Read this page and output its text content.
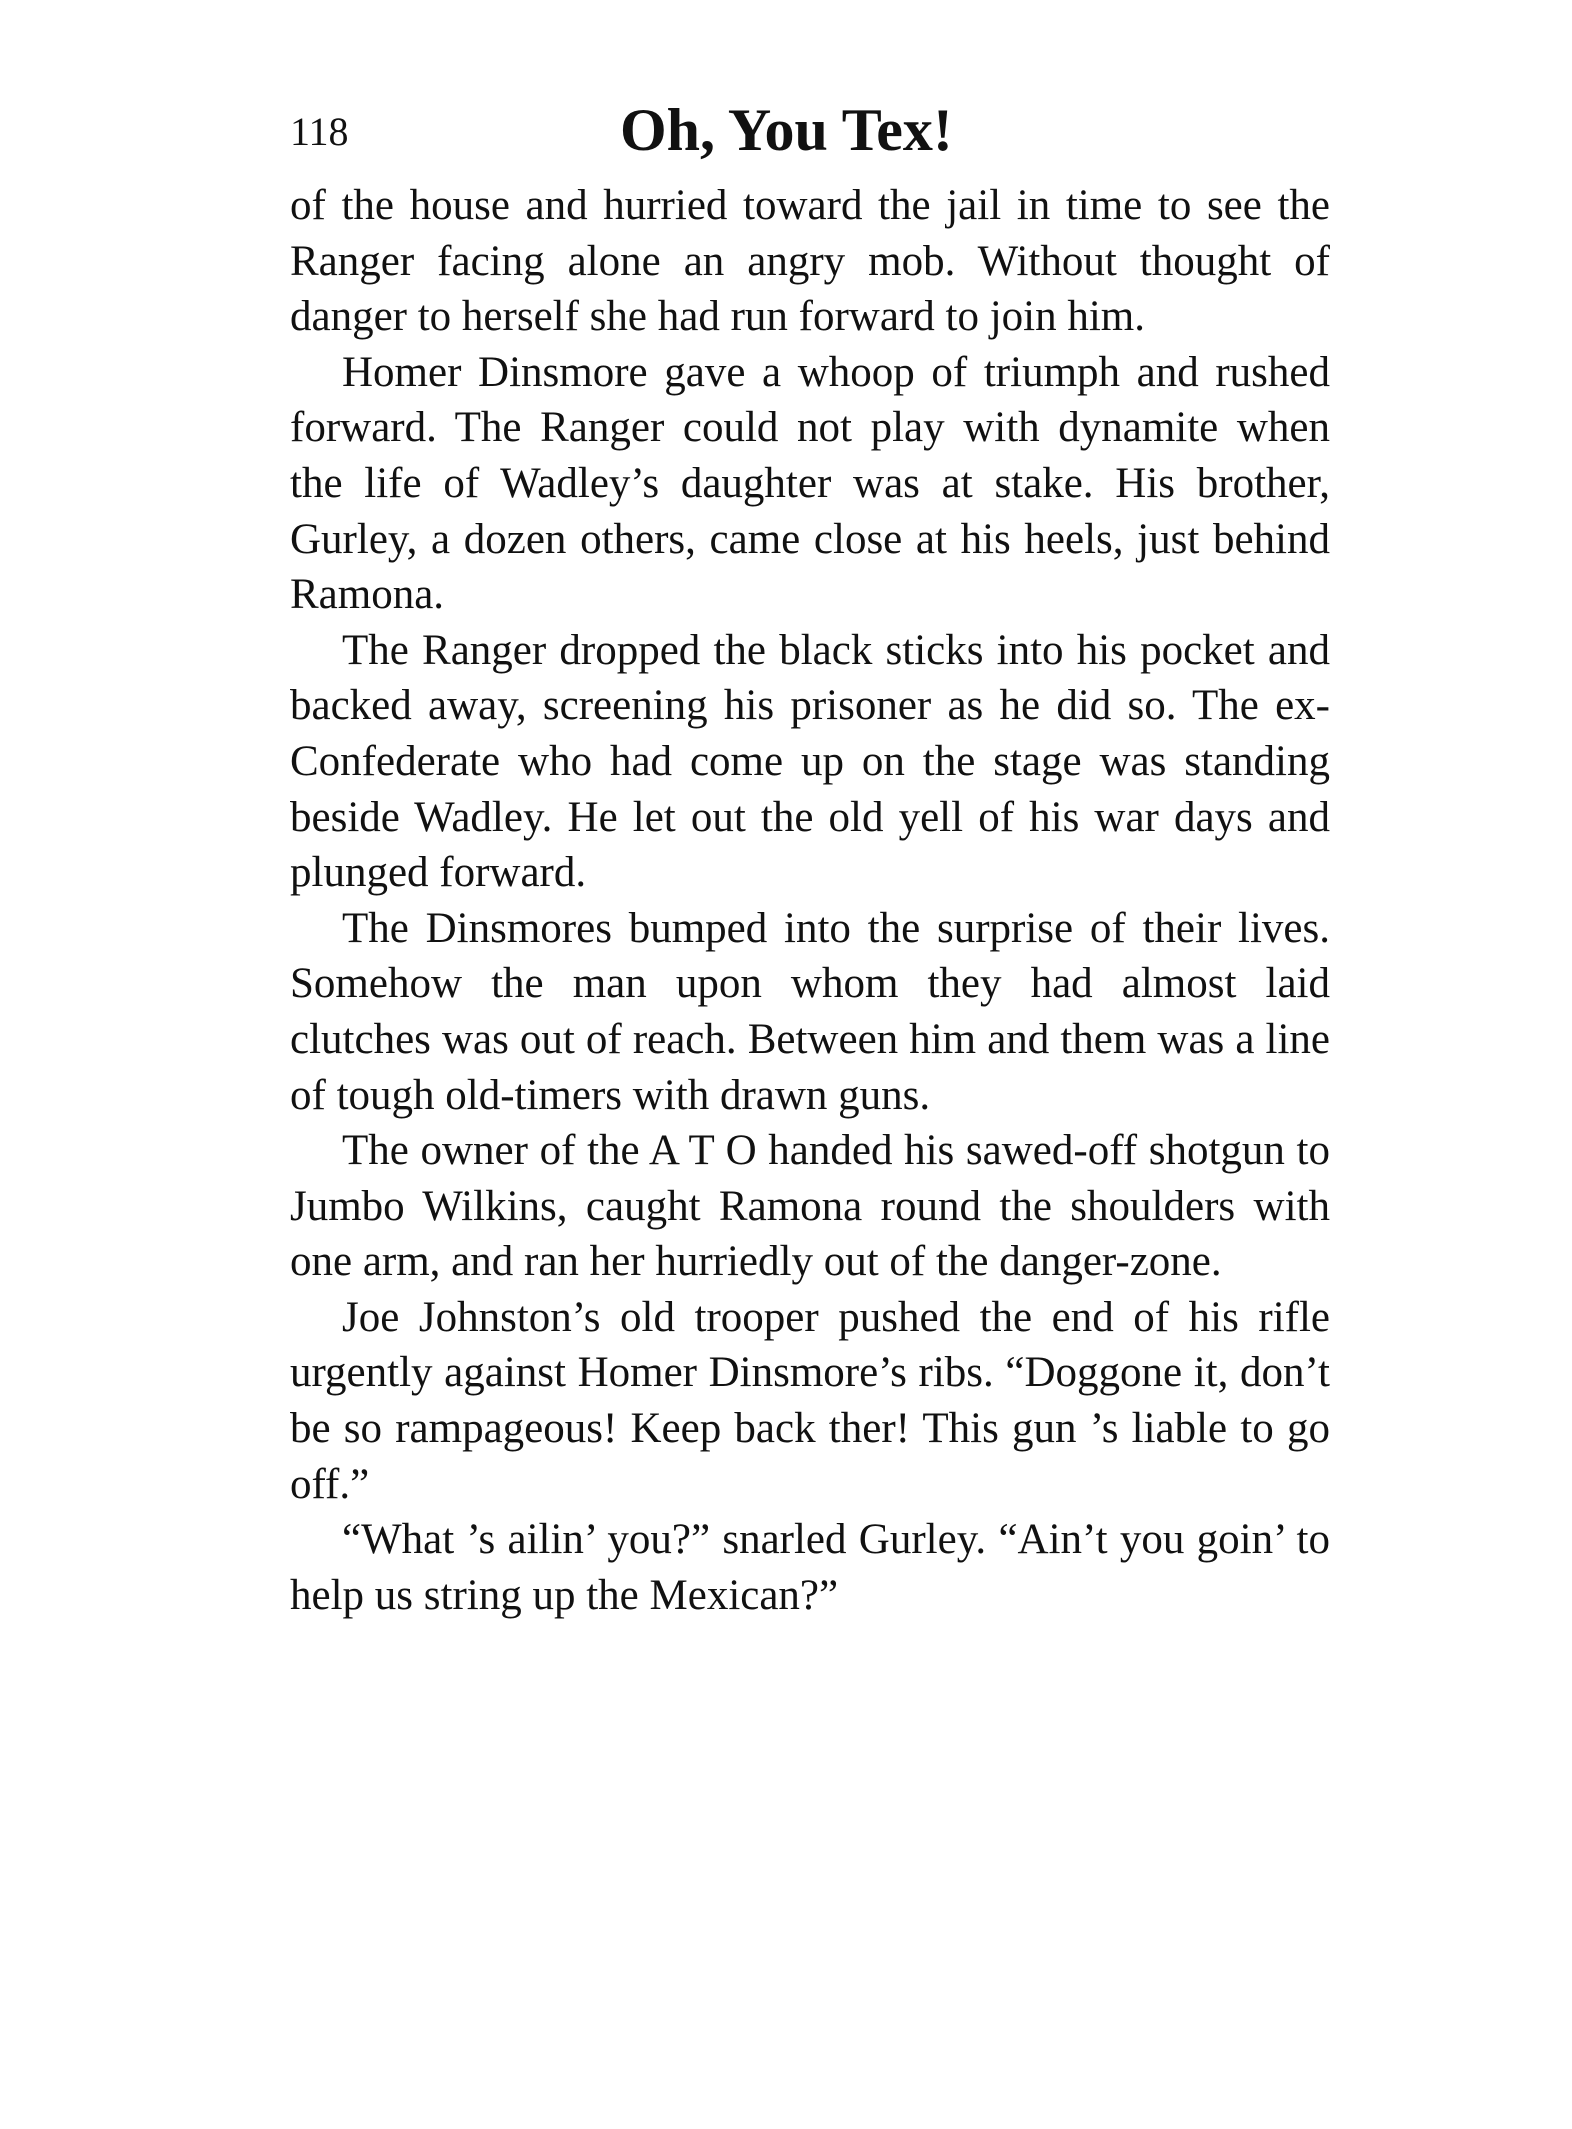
118	Oh, You Tex!

of the house and hurried toward the jail in time to see the Ranger facing alone an angry mob. Without thought of danger to herself she had run forward to join him.

Homer Dinsmore gave a whoop of triumph and rushed forward. The Ranger could not play with dynamite when the life of Wadley’s daughter was at stake. His brother, Gurley, a dozen others, came close at his heels, just behind Ramona.

The Ranger dropped the black sticks into his pocket and backed away, screening his prisoner as he did so. The ex-Confederate who had come up on the stage was standing beside Wadley. He let out the old yell of his war days and plunged forward.

The Dinsmores bumped into the surprise of their lives. Somehow the man upon whom they had almost laid clutches was out of reach. Between him and them was a line of tough old-timers with drawn guns.

The owner of the A T O handed his sawed-off shotgun to Jumbo Wilkins, caught Ramona round the shoulders with one arm, and ran her hurriedly out of the danger-zone.

Joe Johnston’s old trooper pushed the end of his rifle urgently against Homer Dinsmore’s ribs. “Doggone it, don’t be so rampageous! Keep back ther! This gun ’s liable to go off.”

“What ’s ailin’ you?” snarled Gurley. “Ain’t you goin’ to help us string up the Mexican?”
